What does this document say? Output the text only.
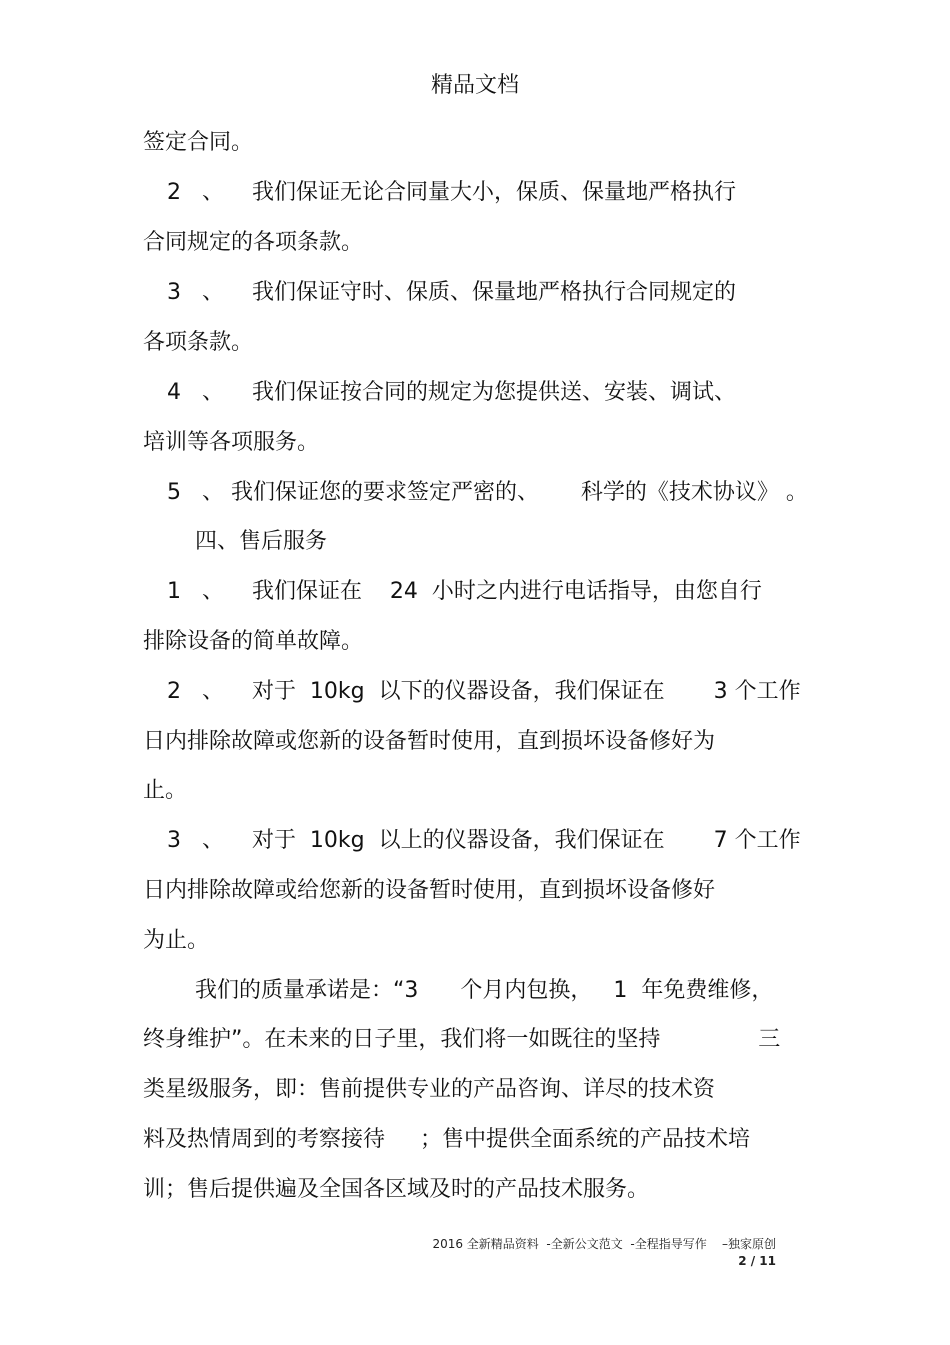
精品文档
签定合同。
2   、    我们保证无论合同量大小，保质、保量地严格执行
合同规定的各项条款。
3   、    我们保证守时、保质、保量地严格执行合同规定的
各项条款。
4   、    我们保证按合同的规定为您提供送、安装、调试、
培训等各项服务。
5   、 我们保证您的要求签定严密的、      科学的《技术协议》 。
四、售后服务
1   、    我们保证在    24  小时之内进行电话指导，由您自行
排除设备的简单故障。
2   、    对于  10kg  以下的仪器设备，我们保证在       3 个工作
日内排除故障或您新的设备暂时使用，直到损坏设备修好为
止。
3   、    对于  10kg  以上的仪器设备，我们保证在       7 个工作
日内排除故障或给您新的设备暂时使用，直到损坏设备修好
为止。
我们的质量承诺是：“3      个月内包换，   1  年免费维修，
终身维护”。在未来的日子里，我们将一如既往的坚持              三
类星级服务，即：售前提供专业的产品咨询、详尽的技术资
料及热情周到的考察接待     ；售中提供全面系统的产品技术培
训；售后提供遍及全国各区域及时的产品技术服务。
2016 全新精品资料  -全新公文范文  -全程指导写作    –独家原创
2 / 11
